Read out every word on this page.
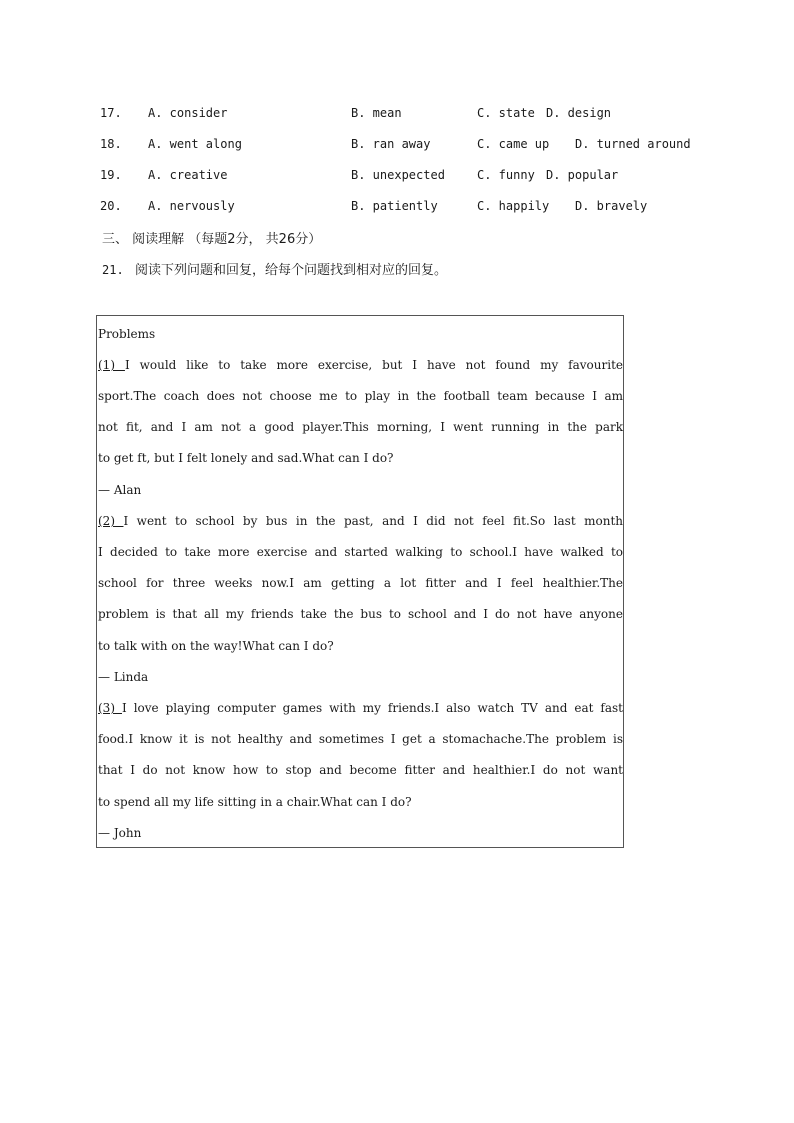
17. A. consider	B. mean	C. state D. design
18. A. went along	B. ran away	C. came up D. turned around
19. A. creative	B. unexpected	C. funny D. popular
20. A. nervously	B. patiently	C. happily D. bravely
三、 阅读理解 （每题2分， 共26分）
21. 阅读下列问题和回复，给每个问题找到相对应的回复。
Problems
(1) I would like to take more exercise, but I have not found my favourite
sport.The coach does not choose me to play in the football team because I am
not fit, and I am not a good player.This morning, I went running in the park
to get ft, but I felt lonely and sad.What can I do?
— Alan
(2) I went to school by bus in the past, and I did not feel fit.So last month
I decided to take more exercise and started walking to school.I have walked to
school for three weeks now.I am getting a lot fitter and I feel healthier.The
problem is that all my friends take the bus to school and I do not have anyone
to talk with on the way!What can I do?
— Linda
(3) I love playing computer games with my friends.I also watch TV and eat fast
food.I know it is not healthy and sometimes I get a stomachache.The problem is
that I do not know how to stop and become fitter and healthier.I do not want
to spend all my life sitting in a chair.What can I do?
— John
